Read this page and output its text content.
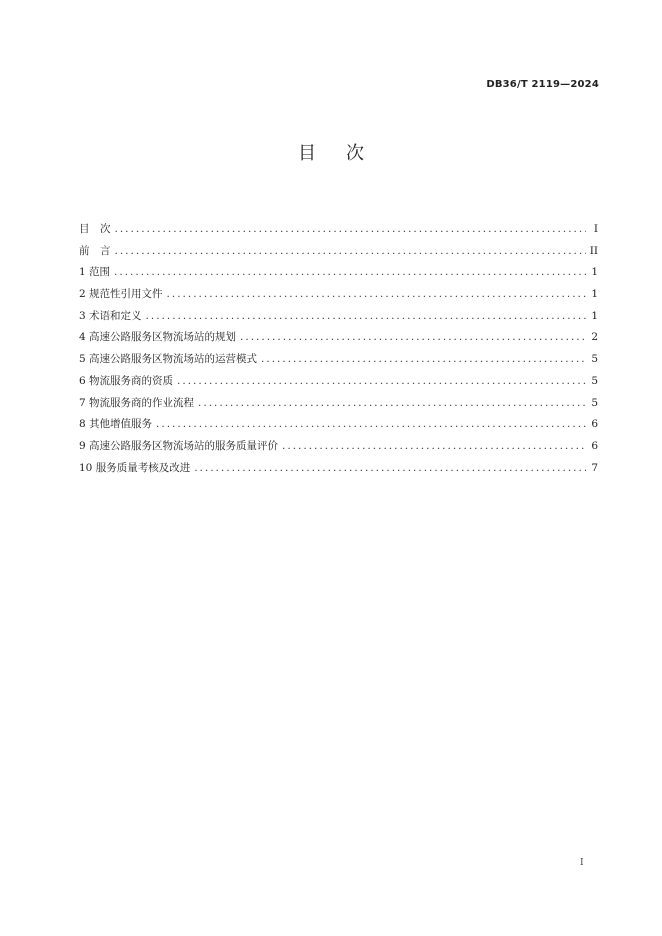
DB36/T 2119—2024
目次
目　次 .....	I
前　言 .....	II
1 范围 .....	1
2 规范性引用文件 .....	1
3 术语和定义 .....	1
4 高速公路服务区物流场站的规划 .....	2
5 高速公路服务区物流场站的运营模式 .....	5
6 物流服务商的资质 .....	5
7 物流服务商的作业流程 .....	5
8 其他增值服务 .....	6
9 高速公路服务区物流场站的服务质量评价 .....	6
10 服务质量考核及改进 .....	7
I
